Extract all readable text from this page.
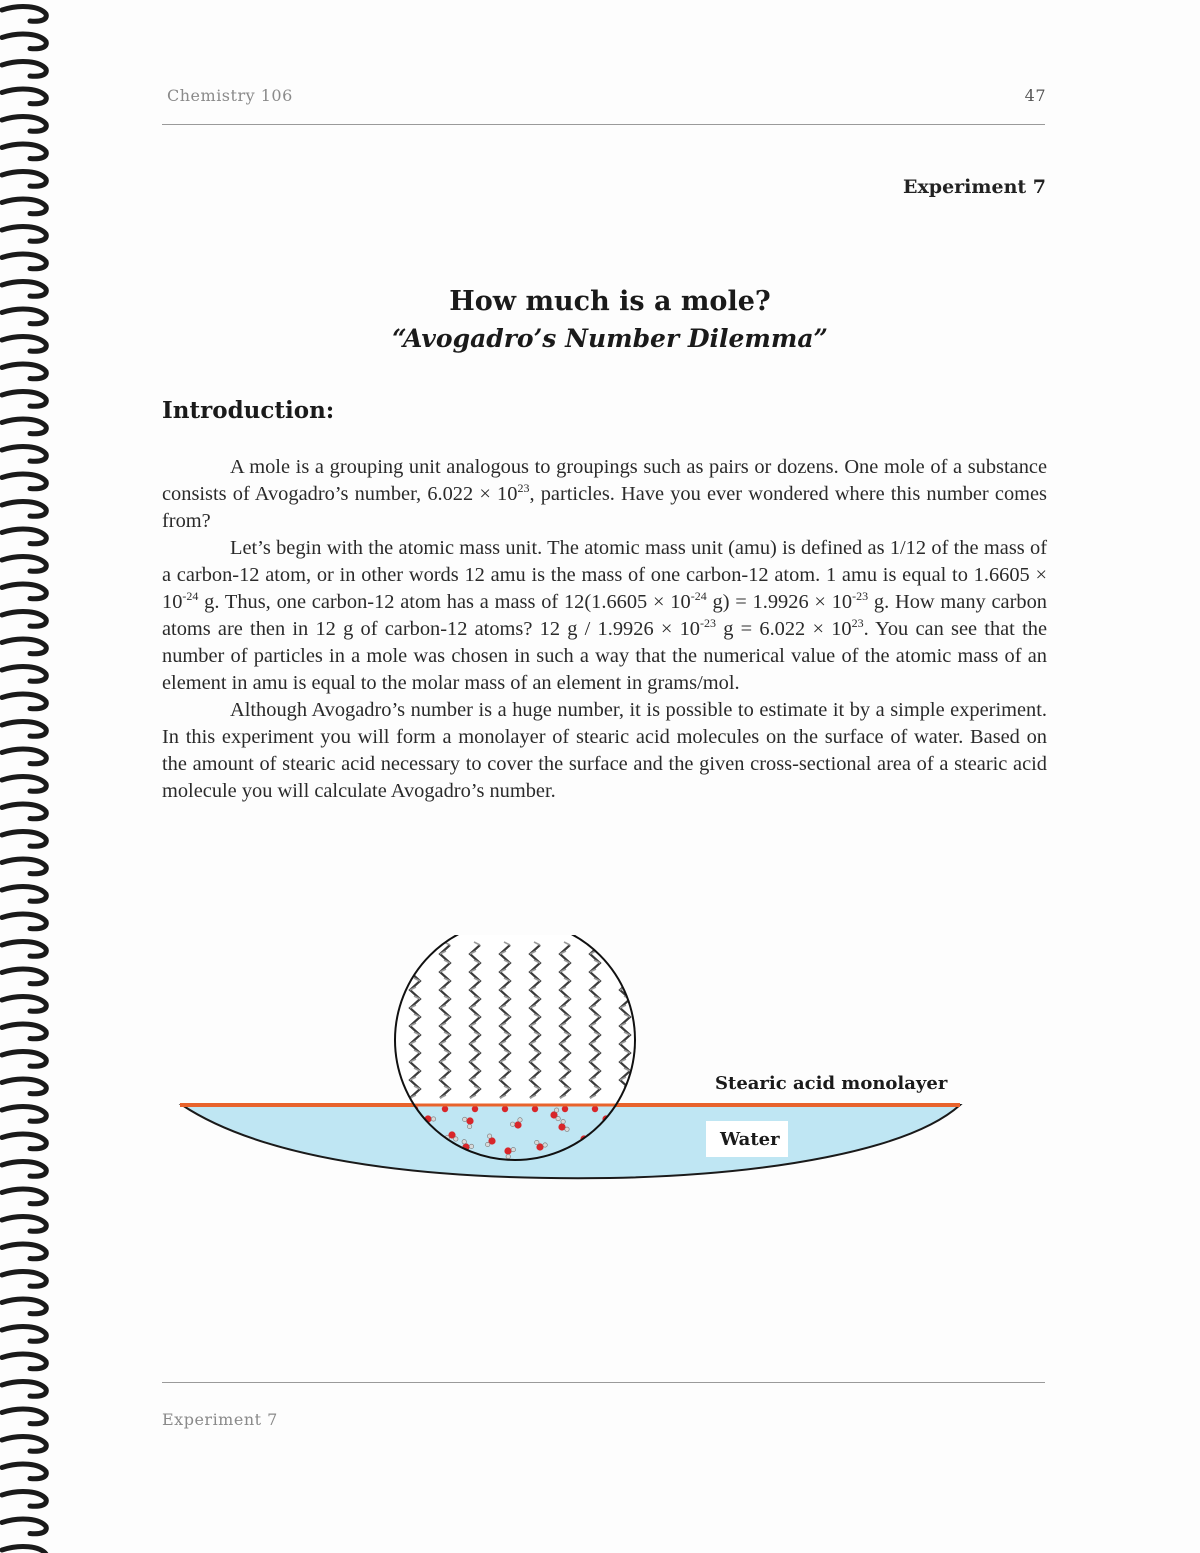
Chemistry 106	47
Experiment 7
How much is a mole?
“Avogadro’s Number Dilemma”
Introduction:

A mole is a grouping unit analogous to groupings such as pairs or dozens. One mole of a substance consists of Avogadro’s number, $6.022 \times 10^{23}$, particles. Have you ever wondered where this number comes from?

Let’s begin with the atomic mass unit. The atomic mass unit (amu) is defined as 1/12 of the mass of a carbon-12 atom, or in other words 12 amu is the mass of one carbon-12 atom. 1 amu is equal to $1.6605 \times 10^{-24}$ g. Thus, one carbon-12 atom has a mass of $12(1.6605 \times 10^{-24}$ $g) = 1.9926 \times 10^{-23}$ g. How many carbon atoms are then in 12 g of carbon-12 atoms? 12 $g / 1.9926 \times 10^{-23}$ $g = 6.022 \times 10^{23}$. You can see that the number of particles in a mole was chosen in such a way that the numerical value of the atomic mass of an element in amu is equal to the molar mass of an element in grams/mol.

Although Avogadro’s number is a huge number, it is possible to estimate it by a simple experiment. In this experiment you will form a monolayer of stearic acid molecules on the surface of water. Based on the amount of stearic acid necessary to cover the surface and the given cross-sectional area of a stearic acid molecule you will calculate Avogadro’s number.

Stearic acid monolayer
Water
Experiment 7
